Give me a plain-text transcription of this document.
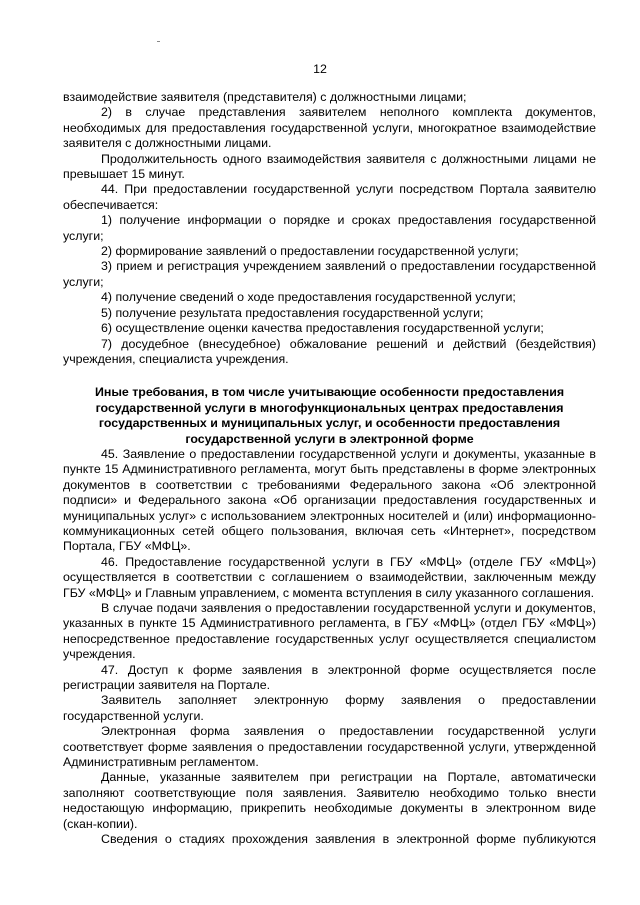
12

взаимодействие заявителя (представителя) с должностными лицами;

2) в случае представления заявителем неполного комплекта документов, необходимых для предоставления государственной услуги, многократное взаимодействие заявителя с должностными лицами.

Продолжительность одного взаимодействия заявителя с должностными лицами не превышает 15 минут.

44. При предоставлении государственной услуги посредством Портала заявителю обеспечивается:

1) получение информации о порядке и сроках предоставления государственной услуги;

2) формирование заявлений о предоставлении государственной услуги;

3) прием и регистрация учреждением заявлений о предоставлении государственной услуги;

4) получение сведений о ходе предоставления государственной услуги;

5) получение результата предоставления государственной услуги;

6) осуществление оценки качества предоставления государственной услуги;

7) досудебное (внесудебное) обжалование решений и действий (бездействия) учреждения, специалиста учреждения.

Иные требования, в том числе учитывающие особенности предоставления государственной услуги в многофункциональных центрах предоставления государственных и муниципальных услуг, и особенности предоставления государственной услуги в электронной форме

45. Заявление о предоставлении государственной услуги и документы, указанные в пункте 15 Административного регламента, могут быть представлены в форме электронных документов в соответствии с требованиями Федерального закона «Об электронной подписи» и Федерального закона «Об организации предоставления государственных и муниципальных услуг» с использованием электронных носителей и (или) информационно-коммуникационных сетей общего пользования, включая сеть «Интернет», посредством Портала, ГБУ «МФЦ».

46. Предоставление государственной услуги в ГБУ «МФЦ» (отделе ГБУ «МФЦ») осуществляется в соответствии с соглашением о взаимодействии, заключенным между ГБУ «МФЦ» и Главным управлением, с момента вступления в силу указанного соглашения.

В случае подачи заявления о предоставлении государственной услуги и документов, указанных в пункте 15 Административного регламента, в ГБУ «МФЦ» (отдел ГБУ «МФЦ») непосредственное предоставление государственных услуг осуществляется специалистом учреждения.

47. Доступ к форме заявления в электронной форме осуществляется после регистрации заявителя на Портале.

Заявитель заполняет электронную форму заявления о предоставлении государственной услуги.

Электронная форма заявления о предоставлении государственной услуги соответствует форме заявления о предоставлении государственной услуги, утвержденной Административным регламентом.

Данные, указанные заявителем при регистрации на Портале, автоматически заполняют соответствующие поля заявления. Заявителю необходимо только внести недостающую информацию, прикрепить необходимые документы в электронном виде (скан-копии).

Сведения о стадиях прохождения заявления в электронной форме публикуются
